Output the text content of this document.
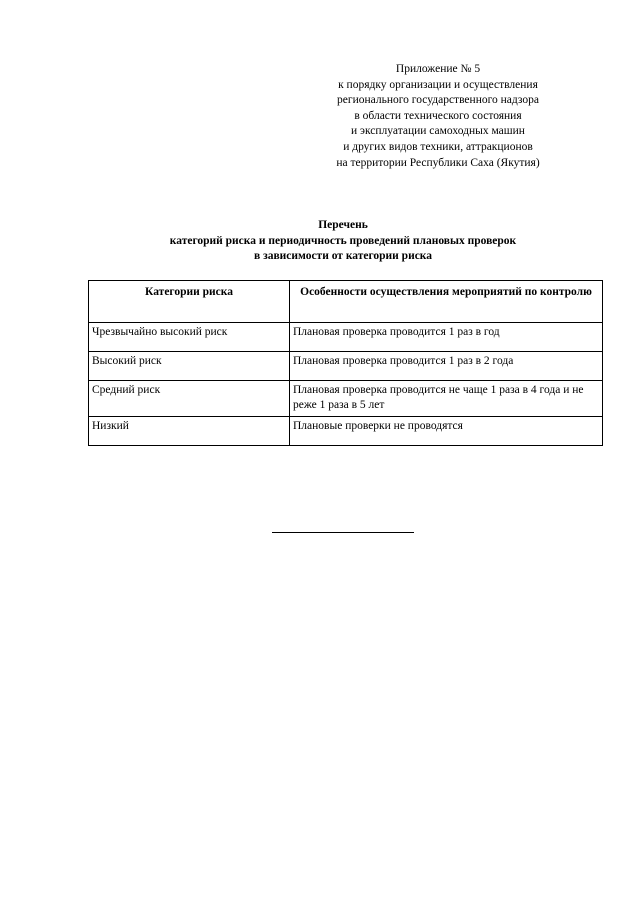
Приложение № 5
к порядку организации и осуществления
регионального государственного надзора
в области технического состояния
и эксплуатации самоходных машин
и других видов техники, аттракционов
на территории Республики Саха (Якутия)
Перечень
категорий риска и периодичность проведений плановых проверок
в зависимости от категории риска
Категории риска	Особенности осуществления мероприятий по контролю
Чрезвычайно высокий риск	Плановая проверка проводится 1 раз в год
Высокий риск	Плановая проверка проводится 1 раз в 2 года
Средний риск	Плановая проверка проводится не чаще 1 раза в 4 года и не реже 1 раза в 5 лет
Низкий	Плановые проверки не проводятся
